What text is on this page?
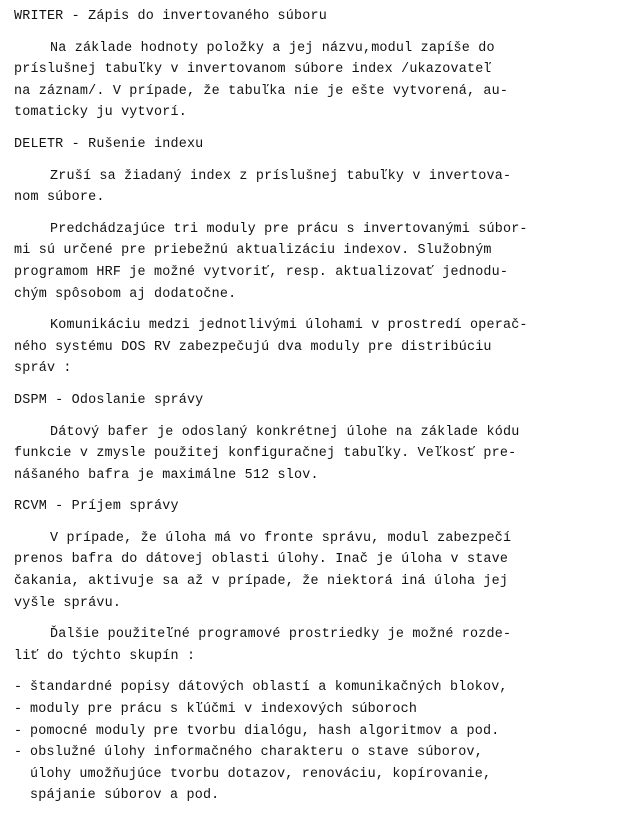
WRITER - Zápis do invertovaného súboru
Na základe hodnoty položky a jej názvu,modul zapíše do
príslušnej tabuľky v invertovanom súbore index /ukazovateľ
na záznam/. V prípade, že tabuľka nie je ešte vytvorená, au-
tomaticky ju vytvorí.
DELETR - Rušenie indexu
Zruší sa žiadaný index z príslušnej tabuľky v invertova-
nom súbore.
Predchádzajúce tri moduly pre prácu s invertovanými súbor-
mi sú určené pre priebežnú aktualizáciu indexov. Služobným
programom HRF je možné vytvoriť, resp. aktualizovať jednodu-
chým spôsobom aj dodatočne.
Komunikáciu medzi jednotlivými úlohami v prostredí operač-
ného systému DOS RV zabezpečujú dva moduly pre distribúciu
správ :
DSPM - Odoslanie správy
Dátový bafer je odoslaný konkrétnej úlohe na základe kódu
funkcie v zmysle použitej konfiguračnej tabuľky. Veľkosť pre-
nášaného bafra je maximálne 512 slov.
RCVM - Príjem správy
V prípade, že úloha má vo fronte správu, modul zabezpečí
prenos bafra do dátovej oblasti úlohy. Inač je úloha v stave
čakania, aktivuje sa až v prípade, že niektorá iná úloha jej
vyšle správu.
Ďalšie použiteľné programové prostriedky je možné rozde-
liť do týchto skupín :
- štandardné popisy dátových oblastí a komunikačných blokov,
- moduly pre prácu s kľúčmi v indexových súboroch
- pomocné moduly pre tvorbu dialógu, hash algoritmov a pod.
- obslužné úlohy informačného charakteru o stave súborov,
úlohy umožňujúce tvorbu dotazov, renováciu, kopírovanie,
spájanie súborov a pod.
